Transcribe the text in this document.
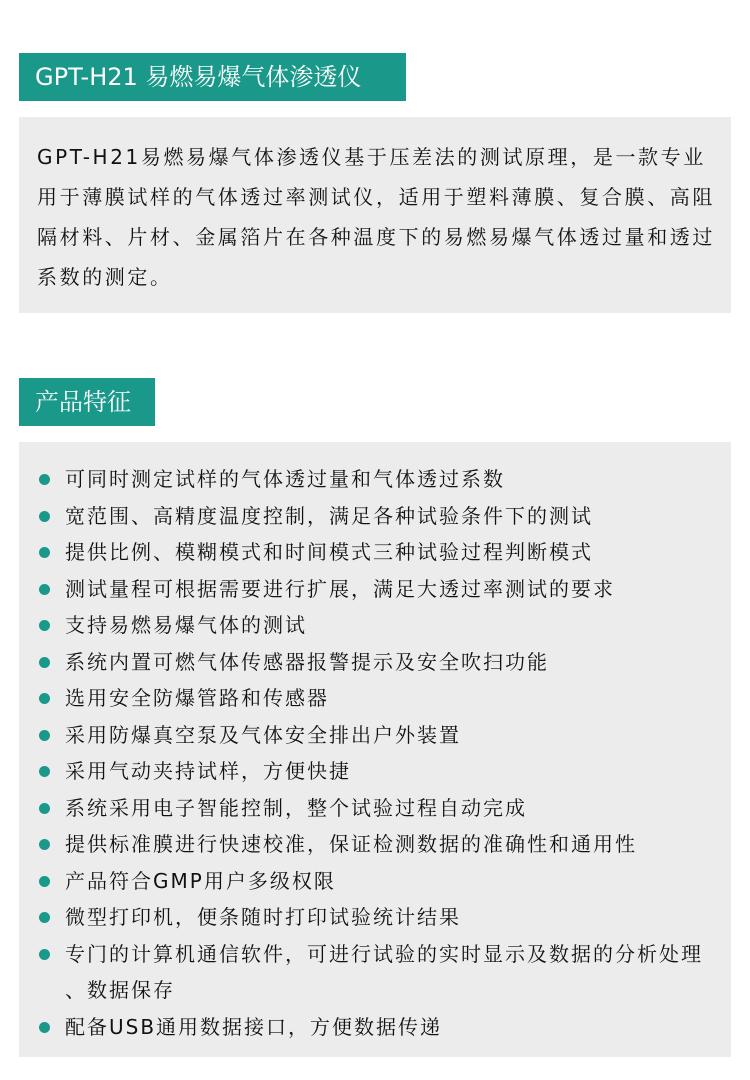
GPT-H21 易燃易爆气体渗透仪

GPT-H21易燃易爆气体渗透仪基于压差法的测试原理，是一款专业用于薄膜试样的气体透过率测试仪，适用于塑料薄膜、复合膜、高阻隔材料、片材、金属箔片在各种温度下的易燃易爆气体透过量和透过系数的测定。

产品特征
可同时测定试样的气体透过量和气体透过系数
宽范围、高精度温度控制，满足各种试验条件下的测试
提供比例、模糊模式和时间模式三种试验过程判断模式
测试量程可根据需要进行扩展，满足大透过率测试的要求
支持易燃易爆气体的测试
系统内置可燃气体传感器报警提示及安全吹扫功能
选用安全防爆管路和传感器
采用防爆真空泵及气体安全排出户外装置
采用气动夹持试样，方便快捷
系统采用电子智能控制，整个试验过程自动完成
提供标准膜进行快速校准，保证检测数据的准确性和通用性
产品符合GMP用户多级权限
微型打印机，便条随时打印试验统计结果
专门的计算机通信软件，可进行试验的实时显示及数据的分析处理 、数据保存
配备USB通用数据接口，方便数据传递
